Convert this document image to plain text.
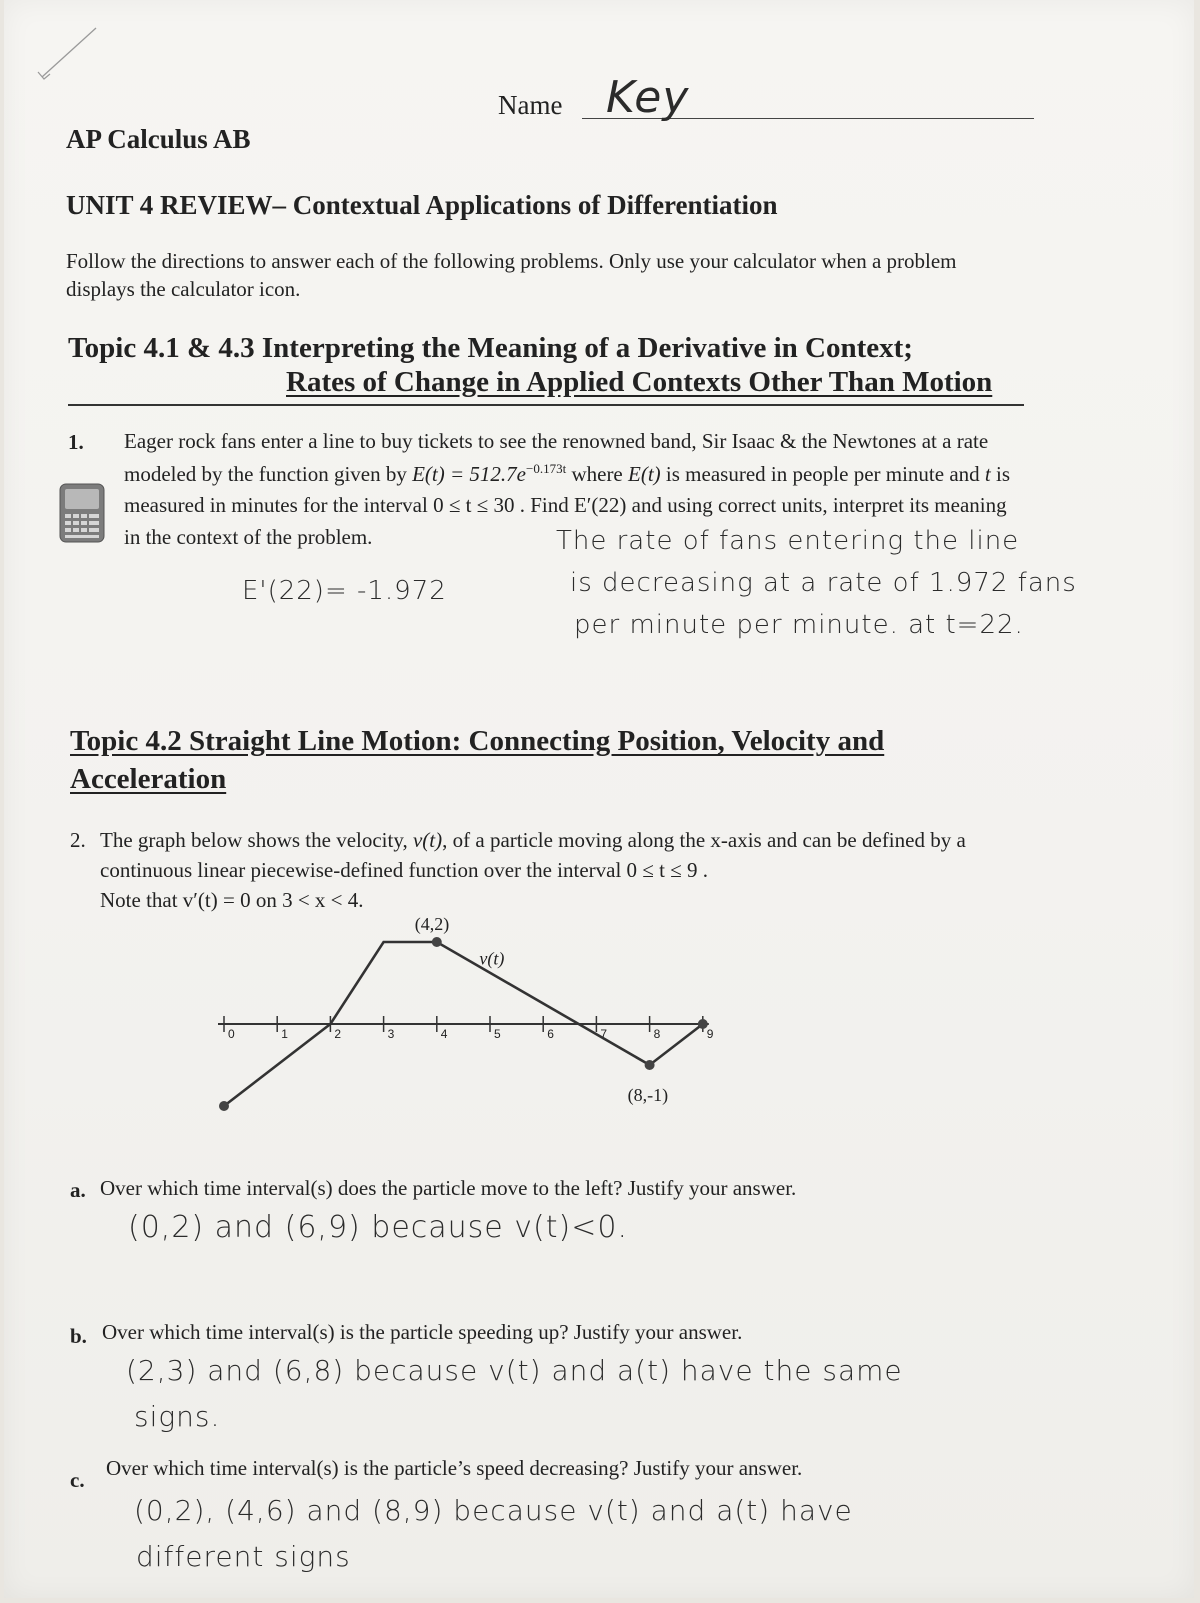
Name Key
AP Calculus AB
UNIT 4 REVIEW– Contextual Applications of Differentiation
Follow the directions to answer each of the following problems. Only use your calculator when a problem
displays the calculator icon.
Topic 4.1 & 4.3 Interpreting the Meaning of a Derivative in Context;
Rates of Change in Applied Contexts Other Than Motion
1. Eager rock fans enter a line to buy tickets to see the renowned band, Sir Isaac & the Newtones at a rate
modeled by the function given by $E(t) = 512.7e^{-0.173t}$ where E(t) is measured in people per minute and t is
measured in minutes for the interval 0 ≤ t ≤ 30 . Find E′(22) and using correct units, interpret its meaning
in the context of the problem.
E'(22)= -1.972
The rate of fans entering the line
is decreasing at a rate of 1.972 fans
per minute per minute. at t=22.
Topic 4.2 Straight Line Motion: Connecting Position, Velocity and
Acceleration
2. The graph below shows the velocity, v(t), of a particle moving along the x-axis and can be defined by a
continuous linear piecewise-defined function over the interval 0 ≤ t ≤ 9 .
Note that v′(t) = 0 on 3 < x < 4.
0	1	2	3	4	5	6	7	8	9
(4,2)
(8,-1)
v(t)
a. Over which time interval(s) does the particle move to the left? Justify your answer.
(0,2) and (6,9) because v(t)<0.
b. Over which time interval(s) is the particle speeding up? Justify your answer.
(2,3) and (6,8) because v(t) and a(t) have the same
signs.
c. Over which time interval(s) is the particle’s speed decreasing? Justify your answer.
(0,2), (4,6) and (8,9) because v(t) and a(t) have
different signs
